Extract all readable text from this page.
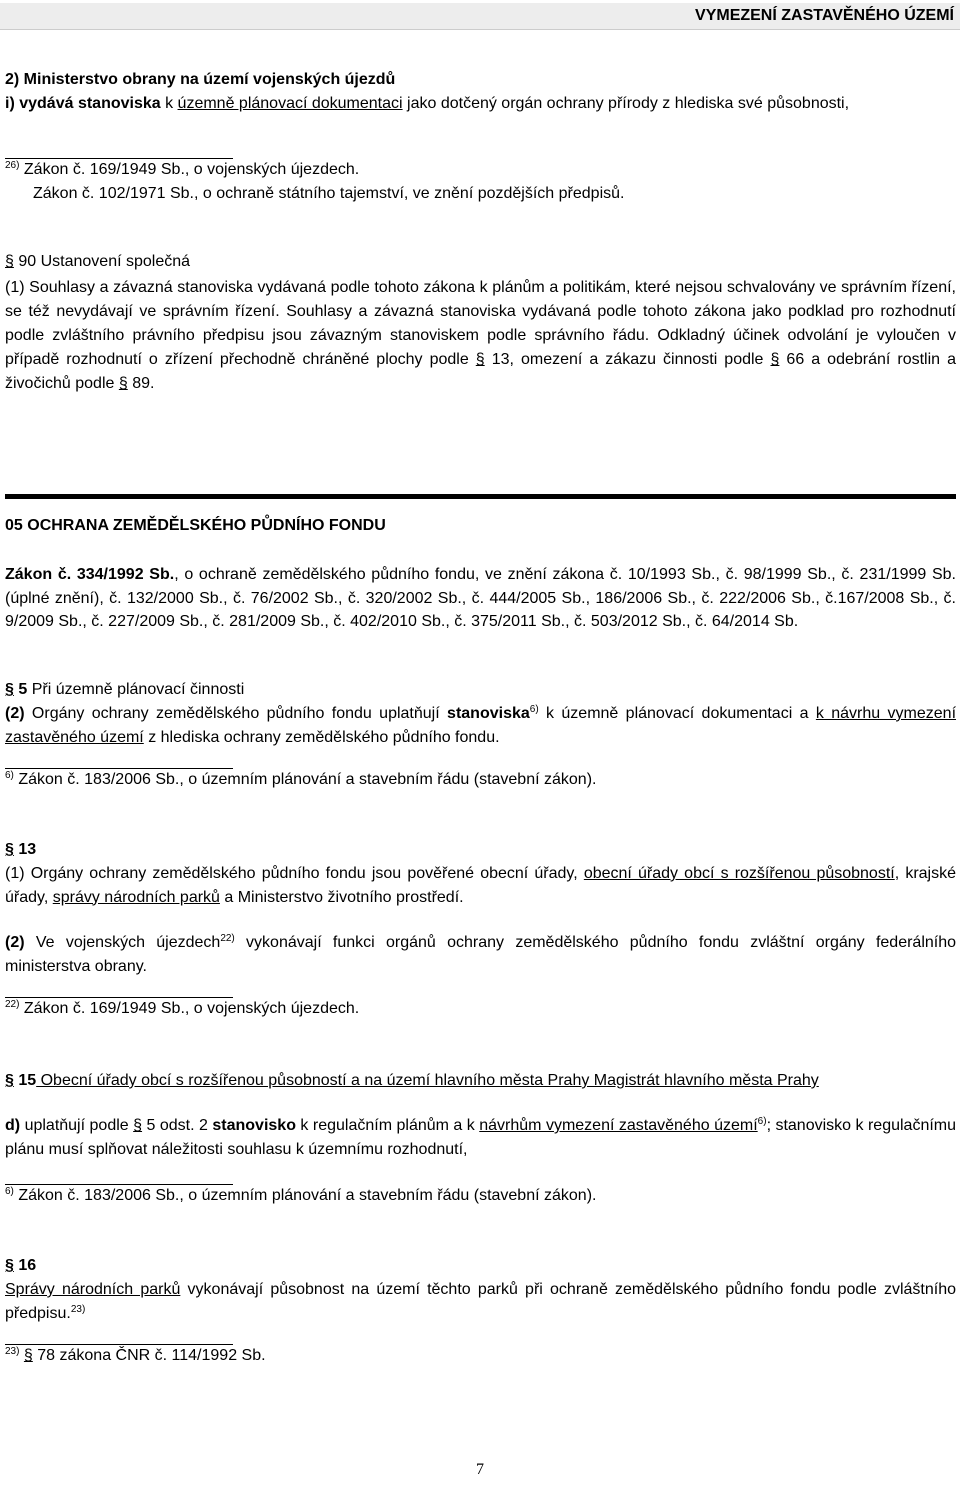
VYMEZENÍ ZASTAVĚNÉHO ÚZEMÍ
2) Ministerstvo obrany na území vojenských újezdů
i) vydává stanoviska k územně plánovací dokumentaci jako dotčený orgán ochrany přírody z hlediska své působnosti,
$^{26)}$ Zákon č. 169/1949 Sb., o vojenských újezdech.
Zákon č. 102/1971 Sb., o ochraně státního tajemství, ve znění pozdějších předpisů.
§ 90 Ustanovení společná
(1) Souhlasy a závazná stanoviska vydávaná podle tohoto zákona k plánům a politikám, které nejsou schvalovány ve správním řízení, se též nevydávají ve správním řízení. Souhlasy a závazná stanoviska vydávaná podle tohoto zákona jako podklad pro rozhodnutí podle zvláštního právního předpisu jsou závazným stanoviskem podle správního řádu. Odkladný účinek odvolání je vyloučen v případě rozhodnutí o zřízení přechodně chráněné plochy podle § 13, omezení a zákazu činnosti podle § 66 a odebrání rostlin a živočichů podle § 89.
05 OCHRANA ZEMĚDĚLSKÉHO PŮDNÍHO FONDU
Zákon č. 334/1992 Sb., o ochraně zemědělského půdního fondu, ve znění zákona č. 10/1993 Sb., č. 98/1999 Sb., č. 231/1999 Sb. (úplné znění), č. 132/2000 Sb., č. 76/2002 Sb., č. 320/2002 Sb., č. 444/2005 Sb., 186/2006 Sb., č. 222/2006 Sb., č.167/2008 Sb., č. 9/2009 Sb., č. 227/2009 Sb., č. 281/2009 Sb., č. 402/2010 Sb., č. 375/2011 Sb., č. 503/2012 Sb., č. 64/2014 Sb.
§ 5 Při územně plánovací činnosti
(2) Orgány ochrany zemědělského půdního fondu uplatňují stanoviska$^{6)}$ k územně plánovací dokumentaci a k návrhu vymezení zastavěného území z hlediska ochrany zemědělského půdního fondu.
$^{6)}$ Zákon č. 183/2006 Sb., o územním plánování a stavebním řádu (stavební zákon).
§ 13
(1) Orgány ochrany zemědělského půdního fondu jsou pověřené obecní úřady, obecní úřady obcí s rozšířenou působností, krajské úřady, správy národních parků a Ministerstvo životního prostředí.
(2) Ve vojenských újezdech$^{22)}$ vykonávají funkci orgánů ochrany zemědělského půdního fondu zvláštní orgány federálního ministerstva obrany.
$^{22)}$ Zákon č. 169/1949 Sb., o vojenských újezdech.
§ 15 Obecní úřady obcí s rozšířenou působností a na území hlavního města Prahy Magistrát hlavního města Prahy
d) uplatňují podle § 5 odst. 2 stanovisko k regulačním plánům a k návrhům vymezení zastavěného území$^{6)}$; stanovisko k regulačnímu plánu musí splňovat náležitosti souhlasu k územnímu rozhodnutí,
$^{6)}$ Zákon č. 183/2006 Sb., o územním plánování a stavebním řádu (stavební zákon).
§ 16
Správy národních parků vykonávají působnost na území těchto parků při ochraně zemědělského půdního fondu podle zvláštního předpisu.$^{23)}$
$^{23)}$ § 78 zákona ČNR č. 114/1992 Sb.
7
